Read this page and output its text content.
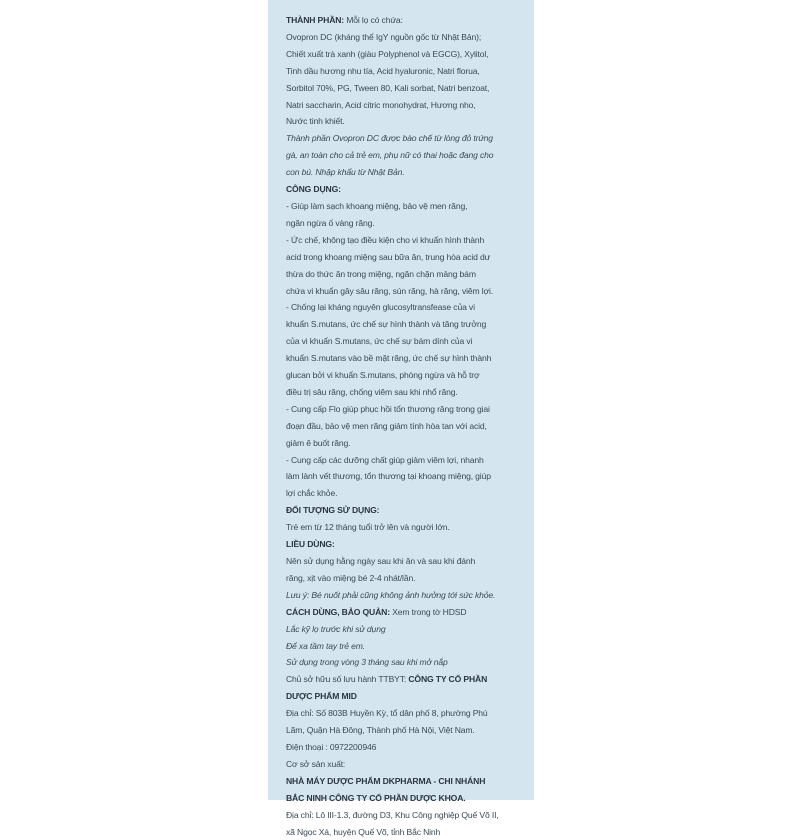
THÀNH PHẦN: Mỗi lọ có chứa:
Ovopron DC (kháng thể IgY nguồn gốc từ Nhật Bản);
Chiết xuất trà xanh (giàu Polyphenol và EGCG), Xylitol,
Tinh dầu hương nhu tía, Acid hyaluronic, Natri florua,
Sorbitol 70%, PG, Tween 80, Kali sorbat, Natri benzoat,
Natri saccharin, Acid citric monohydrat, Hương nho,
Nước tinh khiết.
Thành phần Ovopron DC được bào chế từ lòng đỏ trứng
gà, an toàn cho cả trẻ em, phụ nữ có thai hoặc đang cho
con bú. Nhập khẩu từ Nhật Bản.
CÔNG DỤNG:
- Giúp làm sạch khoang miệng, bảo vệ men răng,
ngăn ngừa ố vàng răng.
- Ức chế, không tạo điều kiện cho vi khuẩn hình thành
acid trong khoang miệng sau bữa ăn, trung hòa acid dư
thừa do thức ăn trong miệng, ngăn chặn mảng bám
chứa vi khuẩn gây sâu răng, sún răng, hà răng, viêm lợi.
- Chống lại kháng nguyên glucosyltransfease của vi
khuẩn S.mutans, ức chế sự hình thành và tăng trưởng
của vi khuẩn S.mutans, ức chế sự bám dính của vi
khuẩn S.mutans vào bề mặt răng, ức chế sự hình thành
glucan bởi vi khuẩn S.mutans, phòng ngừa và hỗ trợ
điều trị sâu răng, chống viêm sau khi nhổ răng.
- Cung cấp Flo giúp phục hồi tổn thương răng trong giai
đoạn đầu, bảo vệ men răng giảm tính hòa tan với acid,
giảm ê buốt răng.
- Cung cấp các dưỡng chất giúp giảm viêm lợi, nhanh
làm lành vết thương, tổn thương tại khoang miệng, giúp
lợi chắc khỏe.
ĐỐI TƯỢNG SỬ DỤNG:
Trẻ em từ 12 tháng tuổi trở lên và người lớn.
LIỀU DÙNG:
Nên sử dụng hằng ngày sau khi ăn và sau khi đánh
răng, xịt vào miệng bé 2-4 nhát/lần.
Lưu ý: Bé nuốt phải cũng không ảnh hưởng tới sức khỏe.
CÁCH DÙNG, BẢO QUẢN: Xem trong tờ HDSD
Lắc kỹ lọ trước khi sử dụng
Để xa tầm tay trẻ em.
Sử dụng trong vòng 3 tháng sau khi mở nắp
Chủ sở hữu số lưu hành TTBYT: CÔNG TY CỔ PHẦN
DƯỢC PHẨM MID
Địa chỉ: Số 803B Huyền Kỳ, tổ dân phố 8, phường Phú
Lãm, Quận Hà Đông, Thành phố Hà Nội, Việt Nam.
Điện thoại : 0972200946
Cơ sở sản xuất:
NHÀ MÁY DƯỢC PHẨM DKPHARMA - CHI NHÁNH
BẮC NINH CÔNG TY CỔ PHẦN DƯỢC KHOA.
Địa chỉ: Lô III-1.3, đường D3, Khu Công nghiệp Quế Võ II,
xã Ngọc Xá, huyện Quế Võ, tỉnh Bắc Ninh
